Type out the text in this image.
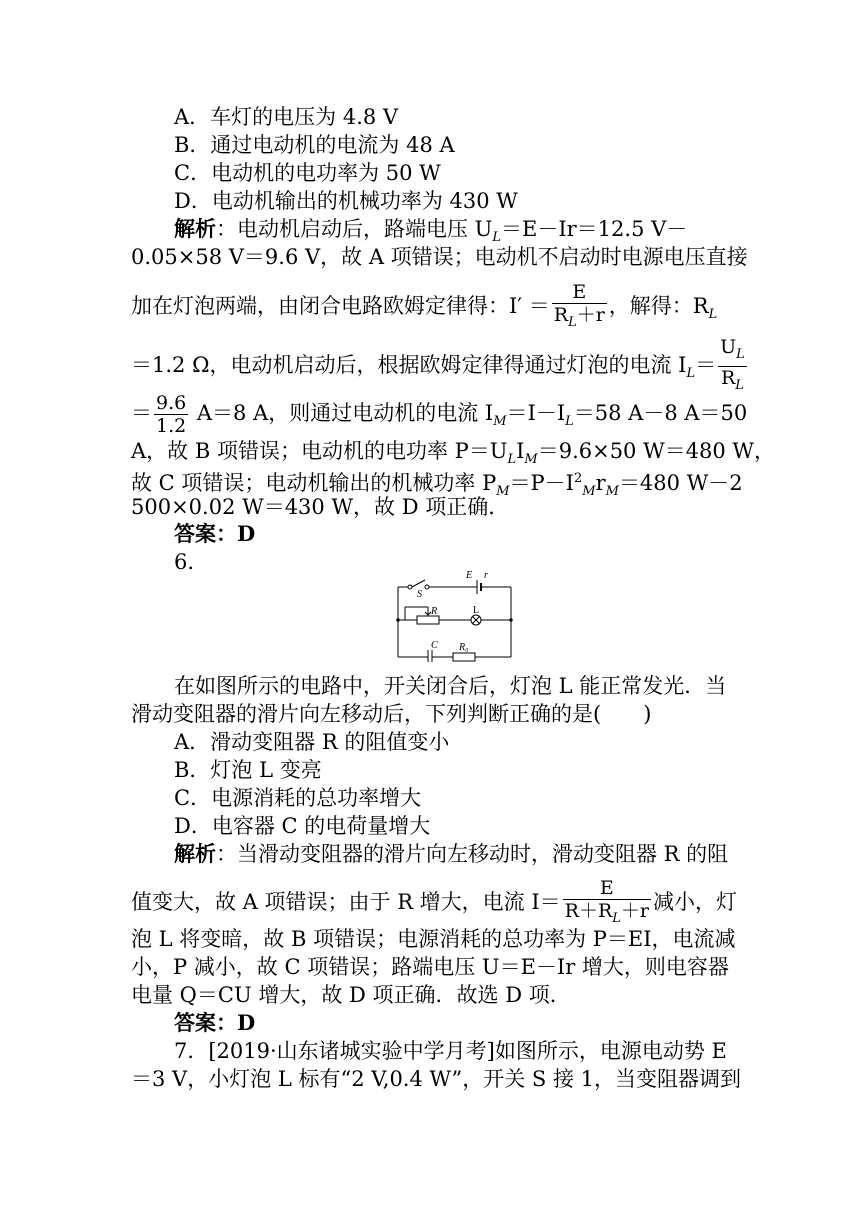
A．车灯的电压为 4.8 V
B．通过电动机的电流为 48 A
C．电动机的电功率为 50 W
D．电动机输出的机械功率为 430 W
解析：电动机启动后，路端电压 $U_L=E-Ir=12.5$ V－
0.05×58 V＝9.6 V，故 A 项错误；电动机不启动时电源电压直接
加在灯泡两端，由闭合电路欧姆定律得：$I' = \frac{E}{R_L+r}$ ，解得：$R_L$
＝1.2 Ω，电动机启动后，根据欧姆定律得通过灯泡的电流 $I_L= \frac{U_L}{R_L}$
＝ $\frac{9.6}{1.2} A=8$ A，则通过电动机的电流 $I_M=I-I_L=58$ A－8 A＝50
A，故 B 项错误；电动机的电功率 $P=U_LI_M=9.6\times 50$ W＝480 W，
故 C 项错误；电动机输出的机械功率 $P_M=P-I^2_Mr_M=480$ W－2
500×0.02 W＝430 W，故 D 项正确．
答案：D
6.
S
E r
R	L
C R₀
在如图所示的电路中，开关闭合后，灯泡 L 能正常发光．当
滑动变阻器的滑片向左移动后，下列判断正确的是(　　)
A．滑动变阻器 R 的阻值变小
B．灯泡 L 变亮
C．电源消耗的总功率增大
D．电容器 C 的电荷量增大
解析：当滑动变阻器的滑片向左移动时，滑动变阻器 R 的阻
值变大，故 A 项错误；由于 R 增大，电流 $I= \frac{E}{R+R_L+r}$ 减小，灯
泡 L 将变暗，故 B 项错误；电源消耗的总功率为 P＝EI，电流减
小，P 减小，故 C 项错误；路端电压 U＝E－Ir 增大，则电容器
电量 Q＝CU 增大，故 D 项正确．故选 D 项．
答案：D
7．[2019·山东诸城实验中学月考]如图所示，电源电动势 E
＝3 V，小灯泡 L 标有“2 V,0.4 W”，开关 S 接 1，当变阻器调到
